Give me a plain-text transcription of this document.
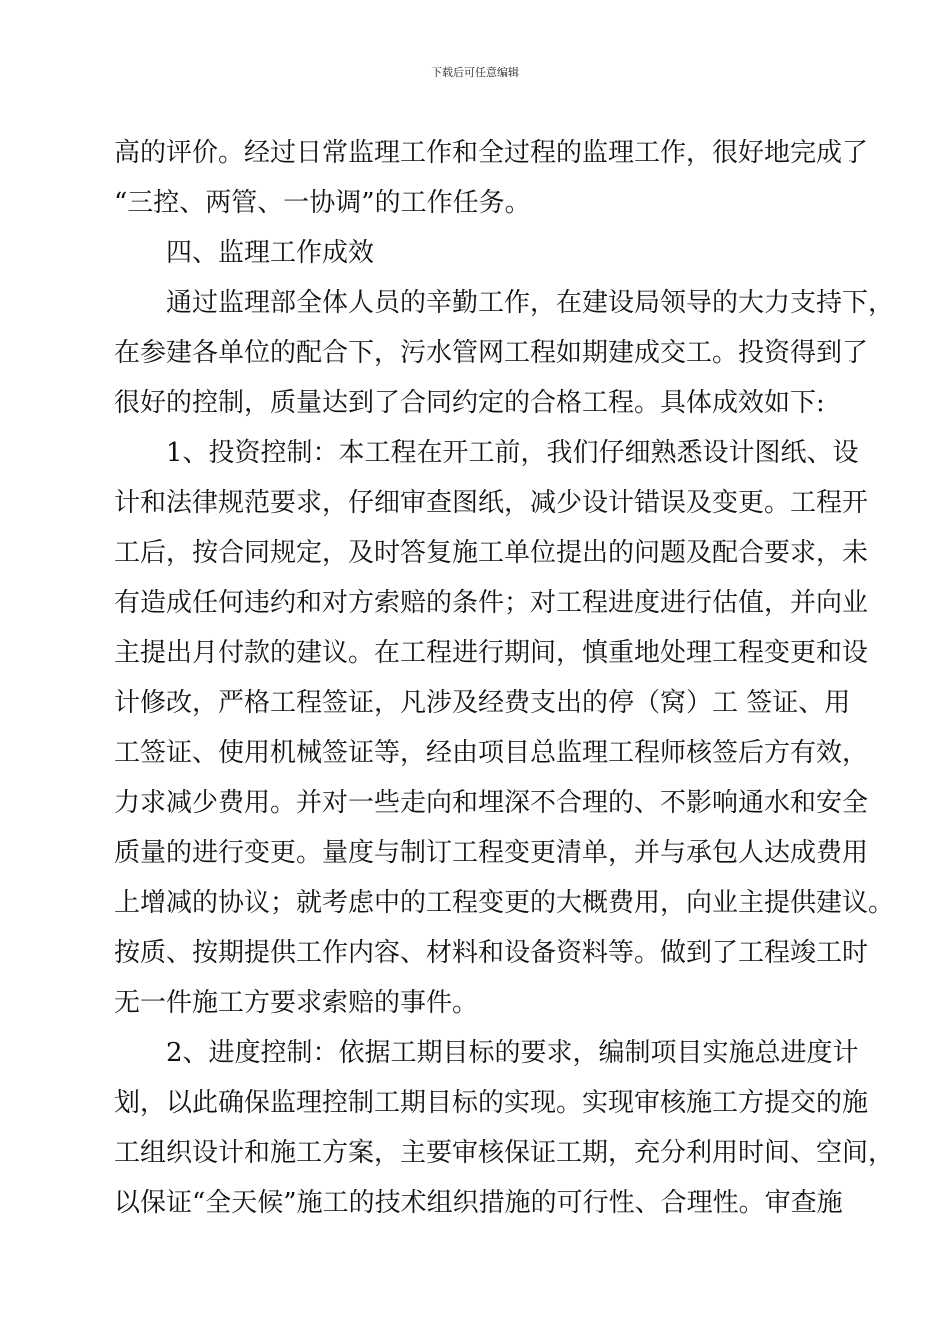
下载后可任意编辑
高的评价。经过日常监理工作和全过程的监理工作，很好地完成了
“三控、两管、一协调”的工作任务。
四、监理工作成效
通过监理部全体人员的辛勤工作，在建设局领导的大力支持下，
在参建各单位的配合下，污水管网工程如期建成交工。投资得到了
很好的控制，质量达到了合同约定的合格工程。具体成效如下:
1、投资控制：本工程在开工前，我们仔细熟悉设计图纸、设
计和法律规范要求，仔细审查图纸，减少设计错误及变更。工程开
工后，按合同规定，及时答复施工单位提出的问题及配合要求，未
有造成任何违约和对方索赔的条件；对工程进度进行估值，并向业
主提出月付款的建议。在工程进行期间，慎重地处理工程变更和设
计修改，严格工程签证，凡涉及经费支出的停（窝）工 签证、用
工签证、使用机械签证等，经由项目总监理工程师核签后方有效，
力求减少费用。并对一些走向和埋深不合理的、不影响通水和安全
质量的进行变更。量度与制订工程变更清单，并与承包人达成费用
上增减的协议；就考虑中的工程变更的大概费用，向业主提供建议。
按质、按期提供工作内容、材料和设备资料等。做到了工程竣工时
无一件施工方要求索赔的事件。
2、进度控制：依据工期目标的要求，编制项目实施总进度计
划，以此确保监理控制工期目标的实现。实现审核施工方提交的施
工组织设计和施工方案，主要审核保证工期，充分利用时间、空间，
以保证“全天候”施工的技术组织措施的可行性、合理性。审查施
